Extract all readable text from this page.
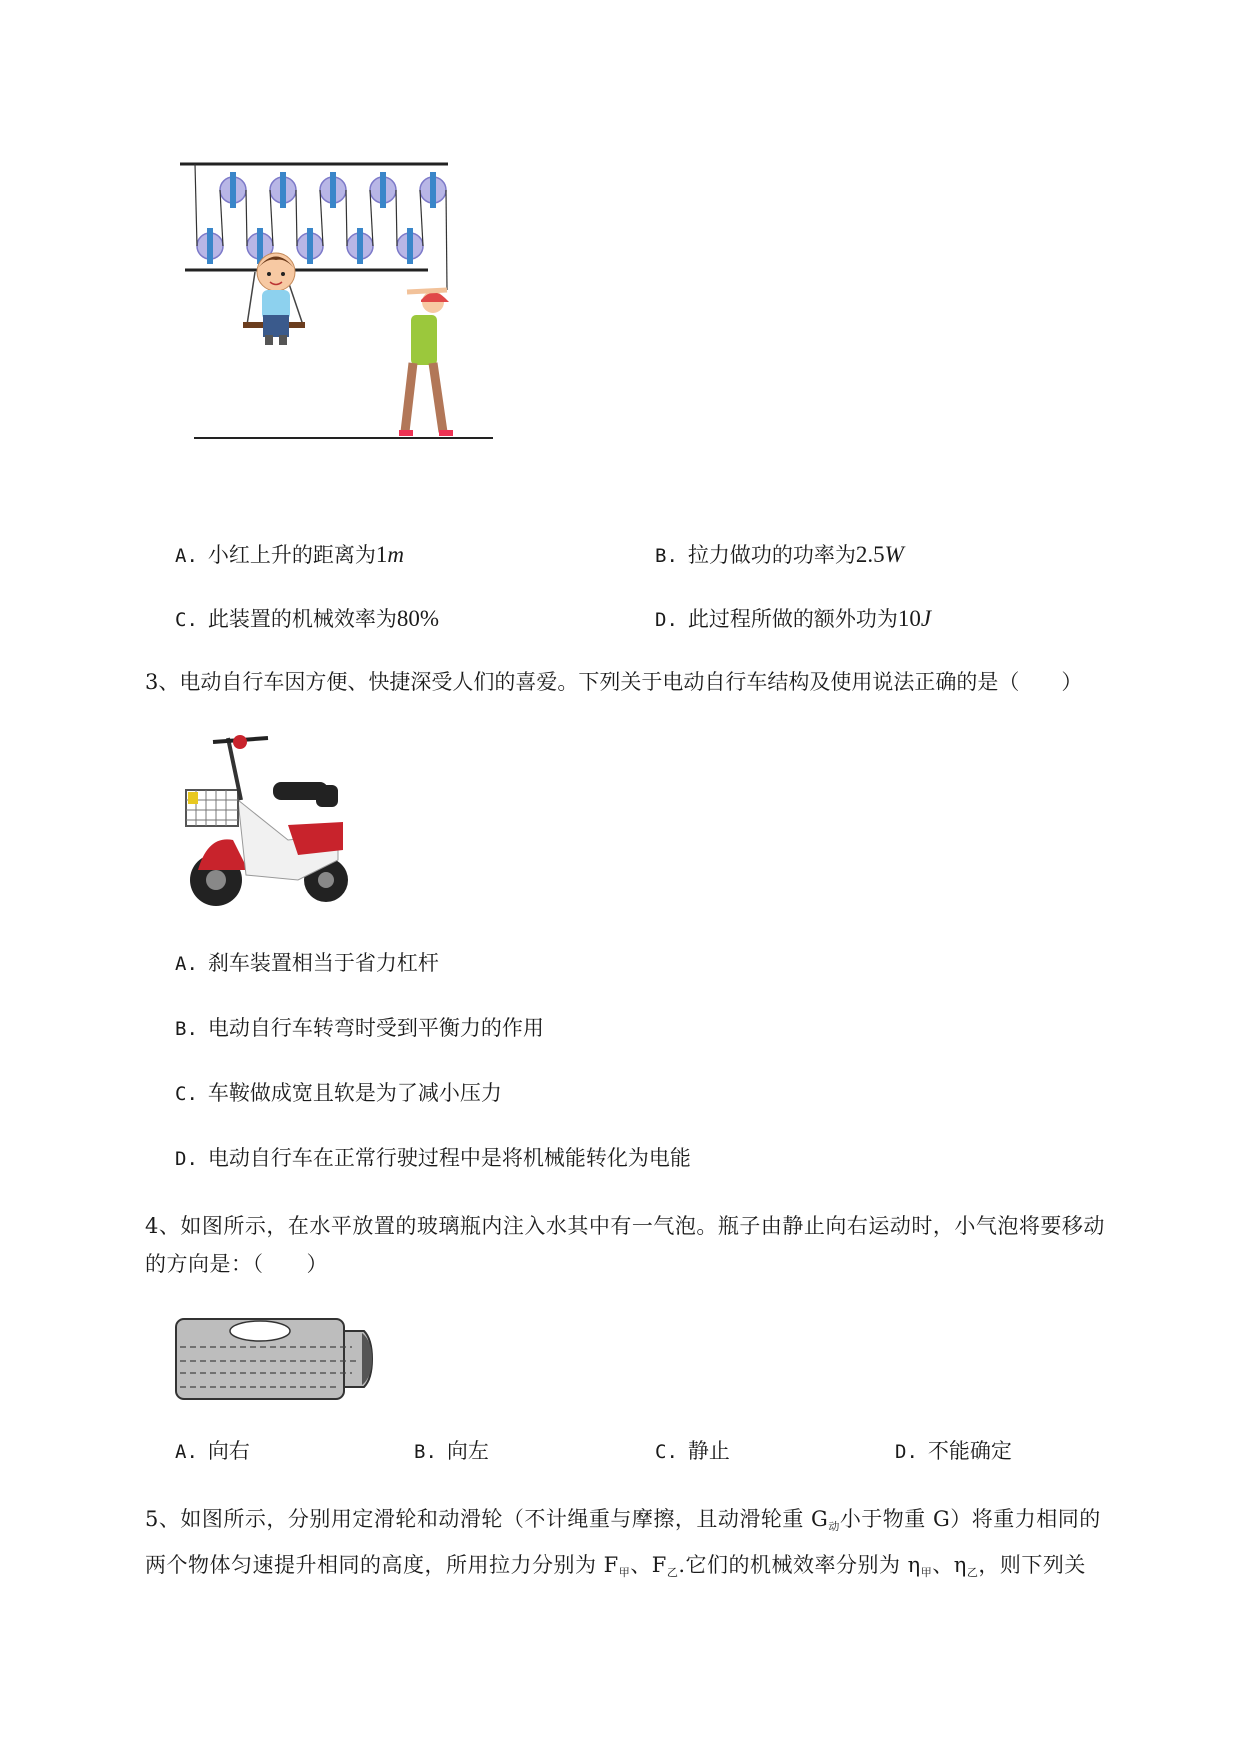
A. 小红上升的距离为1m	B. 拉力做功的功率为2.5W
C. 此装置的机械效率为80%	D. 此过程所做的额外功为10J
3、电动自行车因方便、快捷深受人们的喜爱。下列关于电动自行车结构及使用说法正确的是（　　）
A. 刹车装置相当于省力杠杆
B. 电动自行车转弯时受到平衡力的作用
C. 车鞍做成宽且软是为了减小压力
D. 电动自行车在正常行驶过程中是将机械能转化为电能
4、如图所示，在水平放置的玻璃瓶内注入水其中有一气泡。瓶子由静止向右运动时，小气泡将要移动
的方向是：（　　）
A. 向右	B. 向左	C. 静止	D. 不能确定
5、如图所示，分别用定滑轮和动滑轮（不计绳重与摩擦，且动滑轮重 $G_动$小于物重 G）将重力相同的
两个物体匀速提升相同的高度，所用拉力分别为 $F_甲$、$F_乙$.它们的机械效率分别为 $\eta_甲$、$\eta_乙$，则下列关
